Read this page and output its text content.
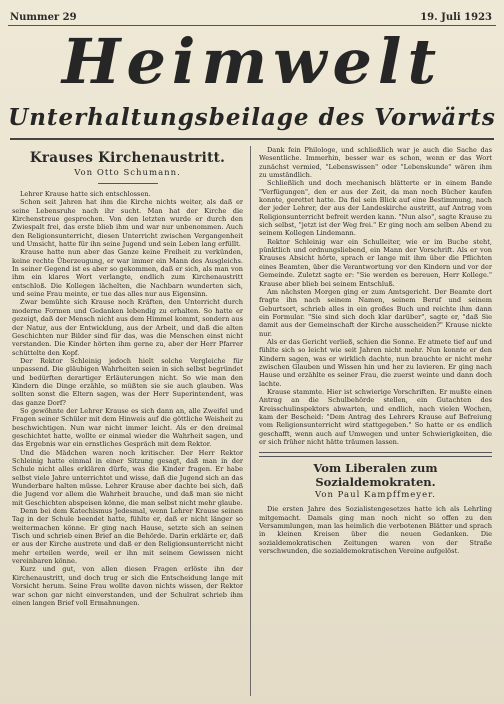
Nummer 29	19. Juli 1923
Heimwelt
Unterhaltungsbeilage des Vorwärts
Krauses Kirchenaustritt.
Von Otto Schumann.

Lehrer Krause hatte sich entschlossen.

Schon seit Jahren hat ihm die Kirche nichts weiter, als daß er seine Lebensruhe nach ihr sucht. Man hat der Kirche die Kirchenstreue gesprochen. Von den letzten wurde er durch den Zwiespalt frei, das erste blieb ihm und war nur unbenommen. Auch den Religionsunterricht, diesen Unterricht zwischen Vergangenheit und Umsicht, hatte für ihn seine Jugend und sein Leben lang erfüllt.

Krause hatte nun aber das Ganze keine Freiheit zu verkünden, keine rechte Überzeugung, er war immer ein Mann des Ausgleichs. In seiner Gegend ist es aber so gekommen, daß er sich, als man von ihm ein klares Wort verlangte, endlich zum Kirchenaustritt entschloß. Die Kollegen lächelten, die Nachbarn wunderten sich, und seine Frau meinte, er tue das alles nur aus Eigensinn.

Zwar bemühte sich Krause noch Kräften, den Unterricht durch moderne Formen und Gedanken lebendig zu erhalten. So hatte er gezeigt, daß der Mensch nicht aus dem Himmel kommt, sondern aus der Natur, aus der Entwicklung, aus der Arbeit, und daß die alten Geschichten nur Bilder sind für das, was die Menschen einst nicht verstanden. Die Kinder hörten ihm gerne zu, aber der Herr Pfarrer schüttelte den Kopf.

Der Rektor Schleinig jedoch hielt solche Vergleiche für unpassend. Die gläubigen Wahrheiten seien in sich selbst begründet und bedürften derartiger Erläuterungen nicht. So wie man den Kindern die Dinge erzähle, so müßten sie sie auch glauben. Was sollten sonst die Eltern sagen, was der Herr Superintendent, was das ganze Dorf?

So gewöhnte der Lehrer Krause es sich dann an, alle Zweifel und Fragen seiner Schüler mit dem Hinweis auf die göttliche Weisheit zu beschwichtigen. Nun war nicht immer leicht. Als er den dreimal geschichtet hatte, wollte er einmal wieder die Wahrheit sagen, und das Ergebnis war ein ernstliches Gespräch mit dem Rektor.

Und die Mädchen waren noch kritischer. Der Herr Rektor Schleinig hatte einmal in einer Sitzung gesagt, daß man in der Schule nicht alles erklären dürfe, was die Kinder fragen. Er habe selbst viele Jahre unterrichtet und wisse, daß die Jugend sich an das Wunderbare halten müsse. Lehrer Krause aber dachte bei sich, daß die Jugend vor allem die Wahrheit brauche, und daß man sie nicht mit Geschichten abspeisen könne, die man selbst nicht mehr glaube.

Denn bei dem Katechismus Jedesmal, wenn Lehrer Krause seinen Tag in der Schule beendet hatte, fühlte er, daß er nicht länger so weitermachen könne. Er ging nach Hause, setzte sich an seinen Tisch und schrieb einen Brief an die Behörde. Darin erklärte er, daß er aus der Kirche austrete und daß er den Religionsunterricht nicht mehr erteilen werde, weil er ihn mit seinem Gewissen nicht vereinbaren könne.

Kurz und gut, von allen diesen Fragen erlöste ihn der Kirchenaustritt, und doch trug er sich die Entscheidung lange mit Vorsicht herum. Seine Frau wollte davon nichts wissen, der Rektor war schon gar nicht einverstanden, und der Schulrat schrieb ihm einen langen Brief voll Ermahnungen.

Dank fein Philologe, und schließlich war je auch die Sache das Wesentliche. Immerhin, besser war es schon, wenn er das Wort zunächst vermied, "Lebenswissen" oder "Lebenskunde" wären ihm zu umständlich.

Schließlich und doch mechanisch blätterte er in einem Bande "Verfügungen", den er aus der Zeit, da man noch Bücher kaufen konnte, gerettet hatte. Da fiel sein Blick auf eine Bestimmung, nach der jeder Lehrer, der aus der Landeskirche austritt, auf Antrag vom Religionsunterricht befreit werden kann. "Nun also", sagte Krause zu sich selbst, "jetzt ist der Weg frei." Er ging noch am selben Abend zu seinem Kollegen Lindemann.

Rektor Schleinig war ein Schulleiter, wie er im Buche steht, pünktlich und ordnungsliebend, ein Mann der Vorschrift. Als er von Krauses Absicht hörte, sprach er lange mit ihm über die Pflichten eines Beamten, über die Verantwortung vor den Kindern und vor der Gemeinde. Zuletzt sagte er: "Sie werden es bereuen, Herr Kollege." Krause aber blieb bei seinem Entschluß.

Am nächsten Morgen ging er zum Amtsgericht. Der Beamte dort fragte ihn nach seinem Namen, seinem Beruf und seinem Geburtsort, schrieb alles in ein großes Buch und reichte ihm dann ein Formular. "Sie sind sich doch klar darüber", sagte er, "daß Sie damit aus der Gemeinschaft der Kirche ausscheiden?" Krause nickte nur.

Als er das Gericht verließ, schien die Sonne. Er atmete tief auf und fühlte sich so leicht wie seit Jahren nicht mehr. Nun konnte er den Kindern sagen, was er wirklich dachte, nun brauchte er nicht mehr zwischen Glauben und Wissen hin und her zu lavieren. Er ging nach Hause und erzählte es seiner Frau, die zuerst weinte und dann doch lachte.

Krause stammte. Hier ist schwierige Vorschriften. Er mußte einen Antrag an die Schulbehörde stellen, ein Gutachten des Kreisschulinspektors abwarten, und endlich, nach vielen Wochen, kam der Bescheid: "Dem Antrag des Lehrers Krause auf Befreiung vom Religionsunterricht wird stattgegeben." So hatte er es endlich geschafft, wenn auch auf Umwegen und unter Schwierigkeiten, die er sich früher nicht hätte träumen lassen.

Vom Liberalen zum Sozialdemokraten.
Von Paul Kampffmeyer.

Die ersten Jahre des Sozialistengesetzes hatte ich als Lehrling mitgemacht. Damals ging man noch nicht so offen zu den Versammlungen, man las heimlich die verbotenen Blätter und sprach in kleinen Kreisen über die neuen Gedanken. Die sozialdemokratischen Zeitungen waren von der Straße verschwunden, die sozialdemokratischen Vereine aufgelöst.
